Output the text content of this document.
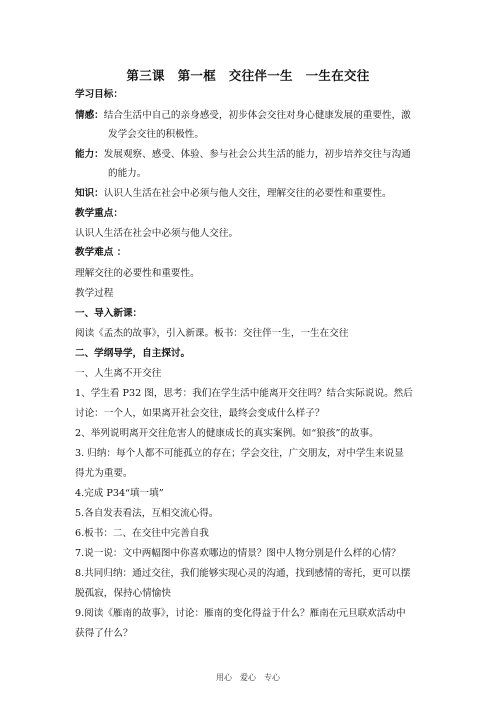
第三课　第一框　交往伴一生　一生在交往
学习目标：
情感：结合生活中自己的亲身感受，初步体会交往对身心健康发展的重要性，激
发学会交往的积极性。
能力：发展观察、感受、体验、参与社会公共生活的能力，初步培养交往与沟通
的能力。
知识：认识人生活在社会中必须与他人交往，理解交往的必要性和重要性。
教学重点：
认识人生活在社会中必须与他人交往。
教学难点 ：
理解交往的必要性和重要性。
教学过程
一、导入新课：
阅读《孟杰的故事》，引入新课。板书：交往伴一生，一生在交往
二、学纲导学，自主探讨。
一、人生离不开交往
1、学生看 P32 图，思考：我们在学生活中能离开交往吗？结合实际说说。然后
讨论：一个人，如果离开社会交往，最终会变成什么样子？
2、举列说明离开交往危害人的健康成长的真实案例。如“狼孩”的故事。
3. 归纳：每个人都不可能孤立的存在；学会交往，广交朋友，对中学生来说显
得尤为重要。
4.完成 P34“填一填”
5.各自发表看法，互相交流心得。
6.板书：二、在交往中完善自我
7.说一说：文中两幅图中你喜欢哪边的情景？图中人物分别是什么样的心情？
8.共同归纳：通过交往，我们能够实现心灵的沟通，找到感情的寄托，更可以摆
脱孤寂，保持心情愉快
9.阅读《雁南的故事》，讨论：雁南的变化得益于什么？雁南在元旦联欢活动中
获得了什么？
用心　爱心　专心
